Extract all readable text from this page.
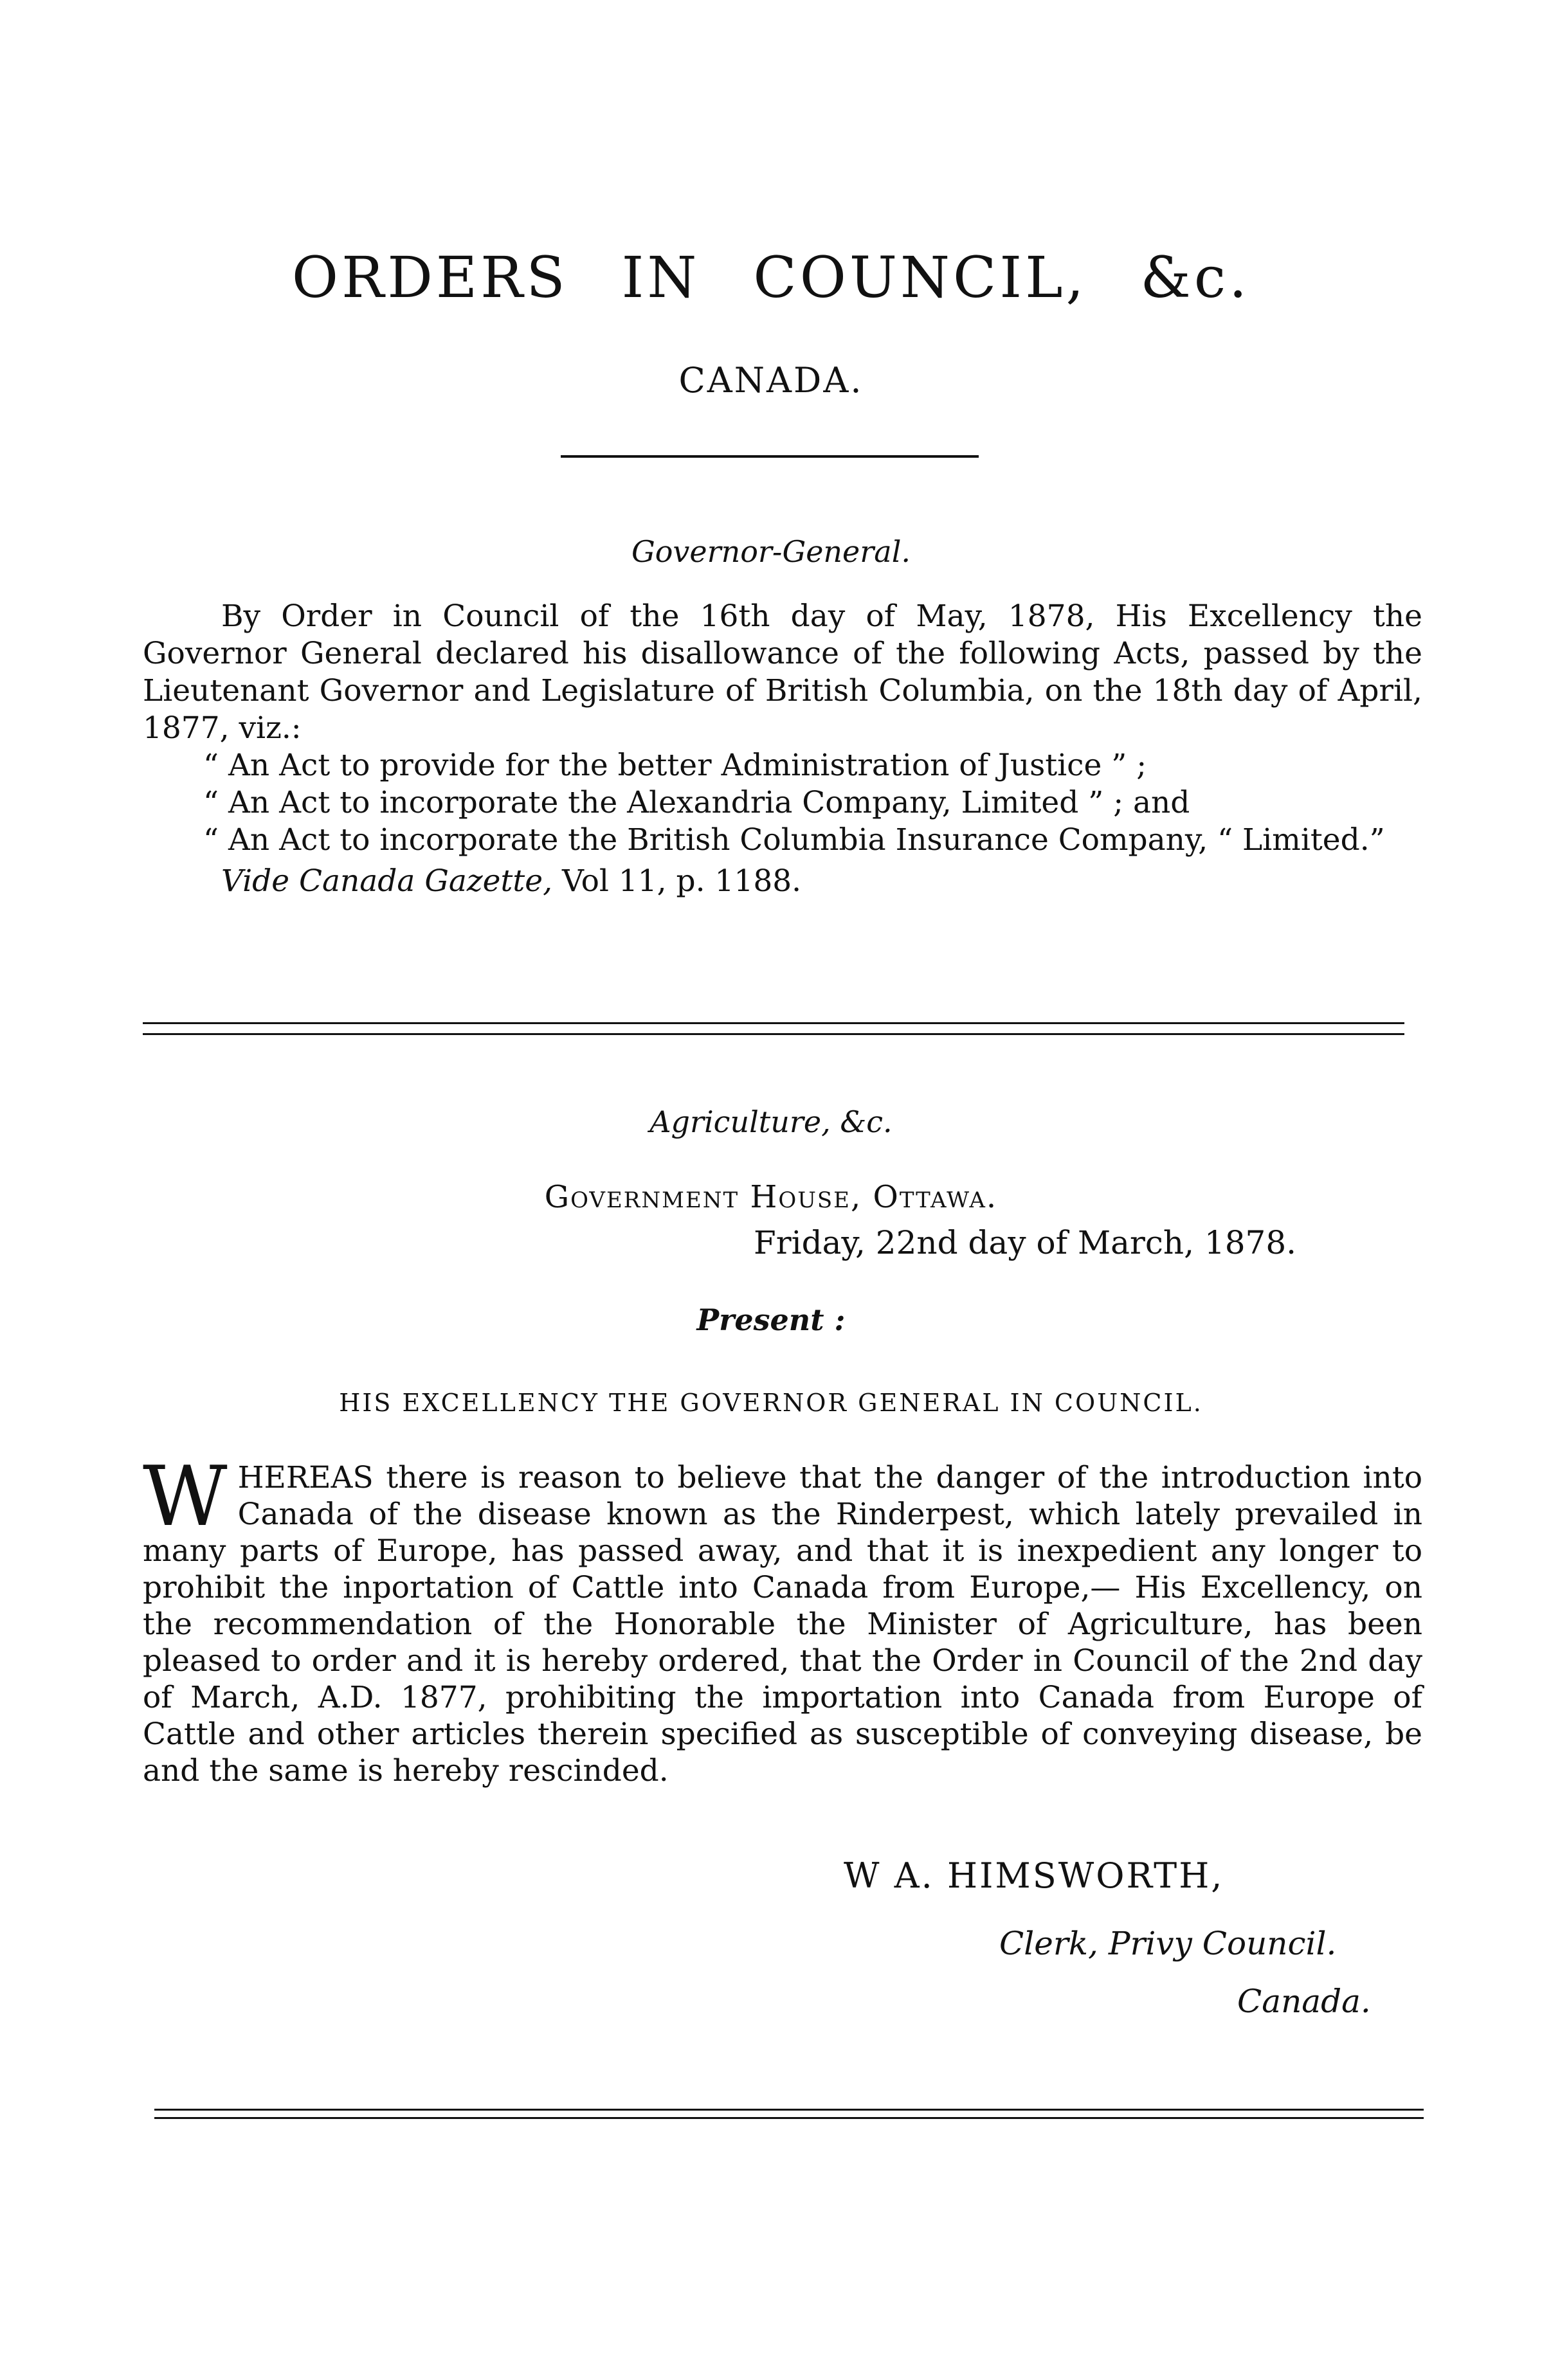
ORDERS IN COUNCIL, &c.
CANADA.
Governor-General.

By Order in Council of the 16th day of May, 1878, His Excellency the Governor General declared his disallowance of the following Acts, passed by the Lieutenant Governor and Legislature of British Columbia, on the 18th day of April, 1877, viz.:

“ An Act to provide for the better Administration of Justice ” ;

“ An Act to incorporate the Alexandria Company, Limited ” ; and

“ An Act to incorporate the British Columbia Insurance Company, “ Limited.”

Vide Canada Gazette, Vol 11, p. 1188.

Agriculture, &c.
Government House, Ottawa.
Friday, 22nd day of March, 1878.
Present :
HIS EXCELLENCY THE GOVERNOR GENERAL IN COUNCIL.
W HEREAS there is reason to believe that the danger of the introduction into Canada of the disease known as the Rinderpest, which lately prevailed in many parts of Europe, has passed away, and that it is inexpedient any longer to prohibit the inportation of Cattle into Canada from Europe,— His Excellency, on the recommendation of the Honorable the Minister of Agriculture, has been pleased to order and it is hereby ordered, that the Order in Council of the 2nd day of March, A.D. 1877, prohibiting the importation into Canada from Europe of Cattle and other articles therein specified as susceptible of conveying disease, be and the same is hereby rescinded.
W A. HIMSWORTH,
Clerk, Privy Council.
Canada.
